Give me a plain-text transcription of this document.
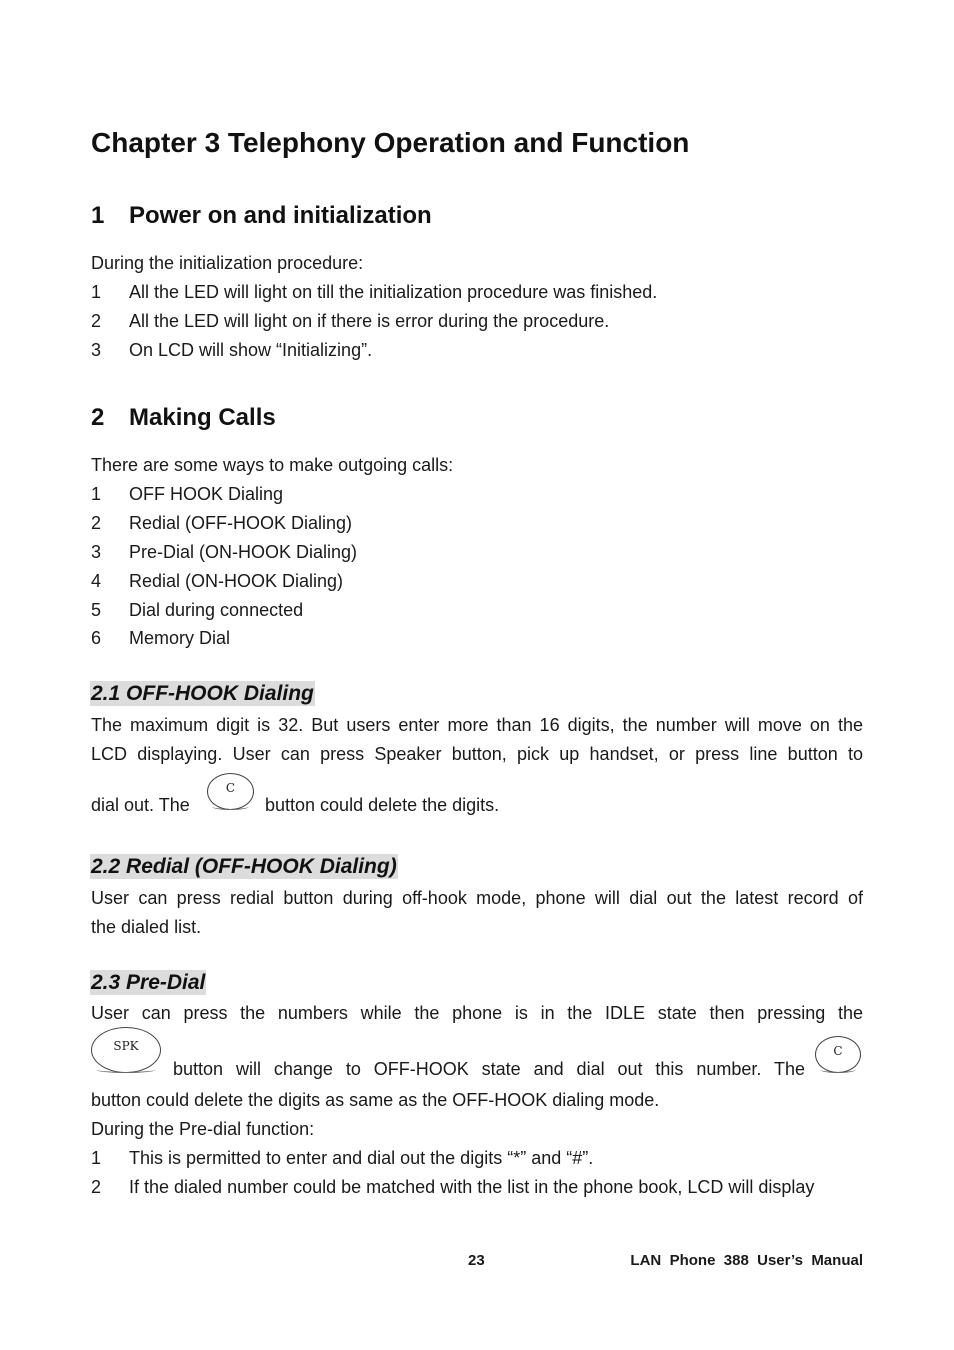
Chapter 3 Telephony Operation and Function
1 Power on and initialization
During the initialization procedure:
1 All the LED will light on till the initialization procedure was finished.
2 All the LED will light on if there is error during the procedure.
3 On LCD will show “Initializing”.
2 Making Calls
There are some ways to make outgoing calls:
1 OFF HOOK Dialing
2 Redial (OFF-HOOK Dialing)
3 Pre-Dial (ON-HOOK Dialing)
4 Redial (ON-HOOK Dialing)
5 Dial during connected
6 Memory Dial
2.1 OFF-HOOK Dialing
The maximum digit is 32. But users enter more than 16 digits, the number will move on the
LCD displaying. User can press Speaker button, pick up handset, or press line button to
dial out. The
C
button could delete the digits.
2.2 Redial (OFF-HOOK Dialing)
User can press redial button during off-hook mode, phone will dial out the latest record of
the dialed list.
2.3 Pre-Dial
User can press the numbers while the phone is in the IDLE state then pressing the
SPK
button will change to OFF-HOOK state and dial out this number. The
C
button could delete the digits as same as the OFF-HOOK dialing mode.
During the Pre-dial function:
1 This is permitted to enter and dial out the digits “*” and “#”.
2 If the dialed number could be matched with the list in the phone book, LCD will display
23	LAN  Phone  388  User’s  Manual
